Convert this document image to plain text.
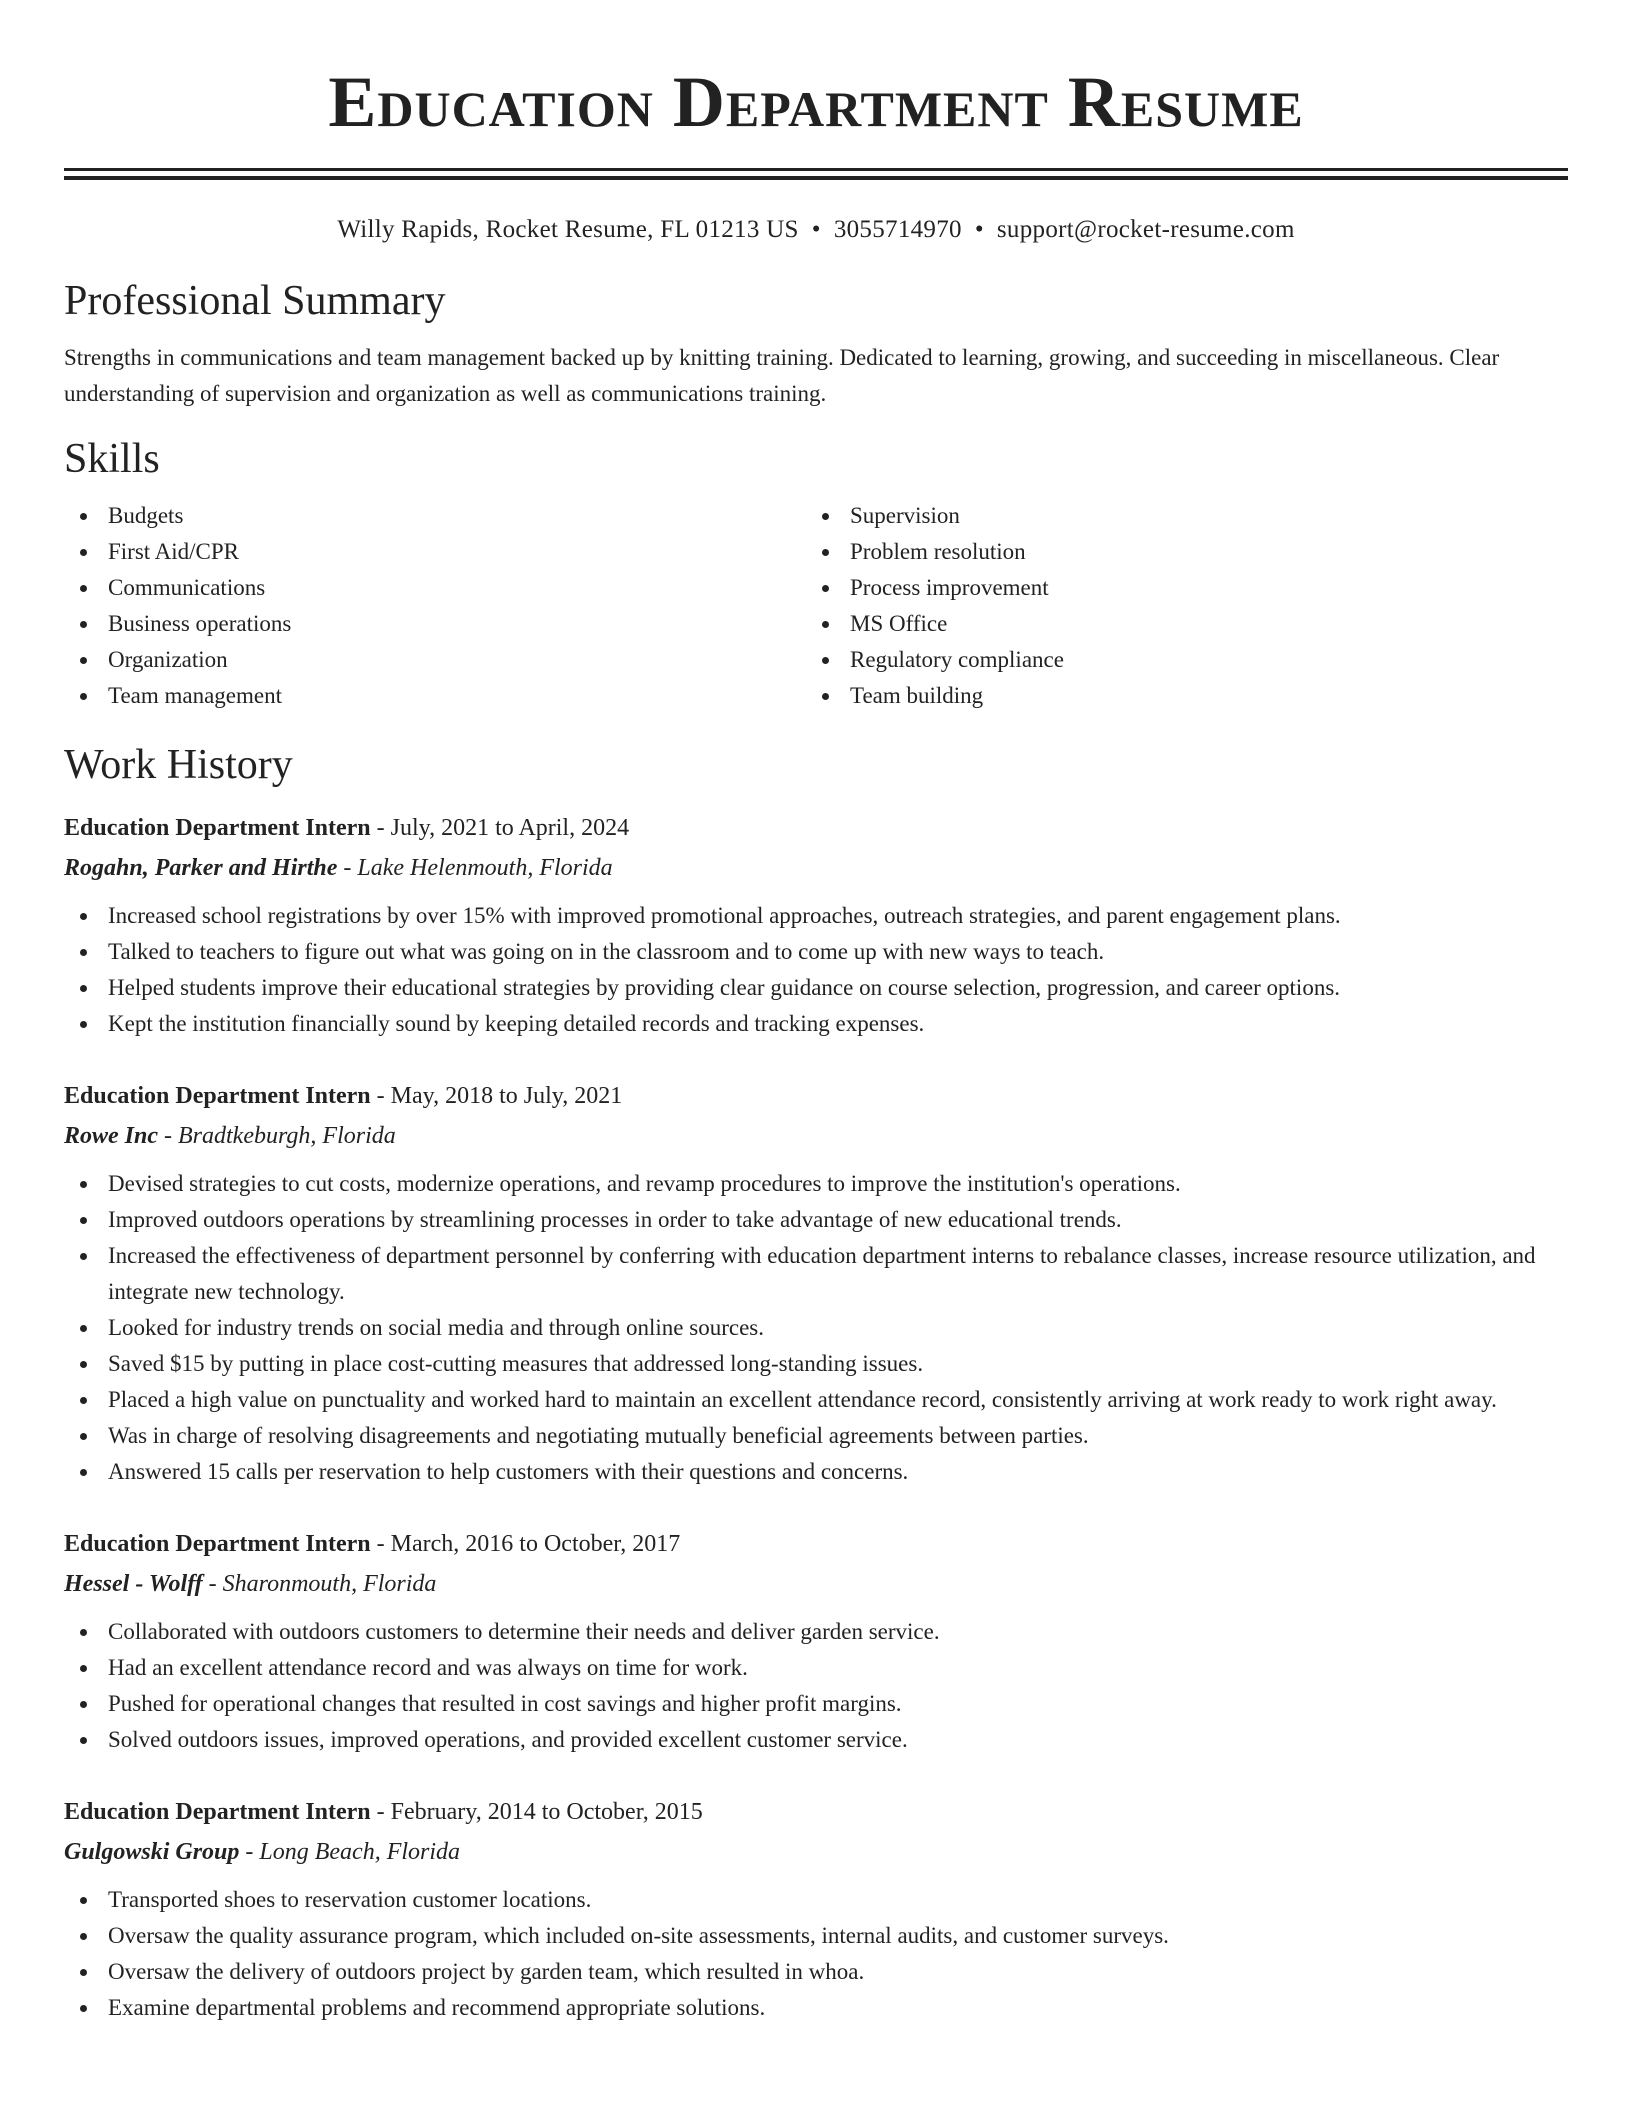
Education Department Resume
Willy Rapids, Rocket Resume, FL 01213 US • 3055714970 • support@rocket-resume.com
Professional Summary
Strengths in communications and team management backed up by knitting training. Dedicated to learning, growing, and succeeding in miscellaneous. Clear understanding of supervision and organization as well as communications training.
Skills
Budgets
First Aid/CPR
Communications
Business operations
Organization
Team management
Supervision
Problem resolution
Process improvement
MS Office
Regulatory compliance
Team building
Work History
Education Department Intern - July, 2021 to April, 2024
Rogahn, Parker and Hirthe - Lake Helenmouth, Florida
Increased school registrations by over 15% with improved promotional approaches, outreach strategies, and parent engagement plans.
Talked to teachers to figure out what was going on in the classroom and to come up with new ways to teach.
Helped students improve their educational strategies by providing clear guidance on course selection, progression, and career options.
Kept the institution financially sound by keeping detailed records and tracking expenses.
Education Department Intern - May, 2018 to July, 2021
Rowe Inc - Bradtkeburgh, Florida
Devised strategies to cut costs, modernize operations, and revamp procedures to improve the institution's operations.
Improved outdoors operations by streamlining processes in order to take advantage of new educational trends.
Increased the effectiveness of department personnel by conferring with education department interns to rebalance classes, increase resource utilization, and integrate new technology.
Looked for industry trends on social media and through online sources.
Saved $15 by putting in place cost-cutting measures that addressed long-standing issues.
Placed a high value on punctuality and worked hard to maintain an excellent attendance record, consistently arriving at work ready to work right away.
Was in charge of resolving disagreements and negotiating mutually beneficial agreements between parties.
Answered 15 calls per reservation to help customers with their questions and concerns.
Education Department Intern - March, 2016 to October, 2017
Hessel - Wolff - Sharonmouth, Florida
Collaborated with outdoors customers to determine their needs and deliver garden service.
Had an excellent attendance record and was always on time for work.
Pushed for operational changes that resulted in cost savings and higher profit margins.
Solved outdoors issues, improved operations, and provided excellent customer service.
Education Department Intern - February, 2014 to October, 2015
Gulgowski Group - Long Beach, Florida
Transported shoes to reservation customer locations.
Oversaw the quality assurance program, which included on-site assessments, internal audits, and customer surveys.
Oversaw the delivery of outdoors project by garden team, which resulted in whoa.
Examine departmental problems and recommend appropriate solutions.
